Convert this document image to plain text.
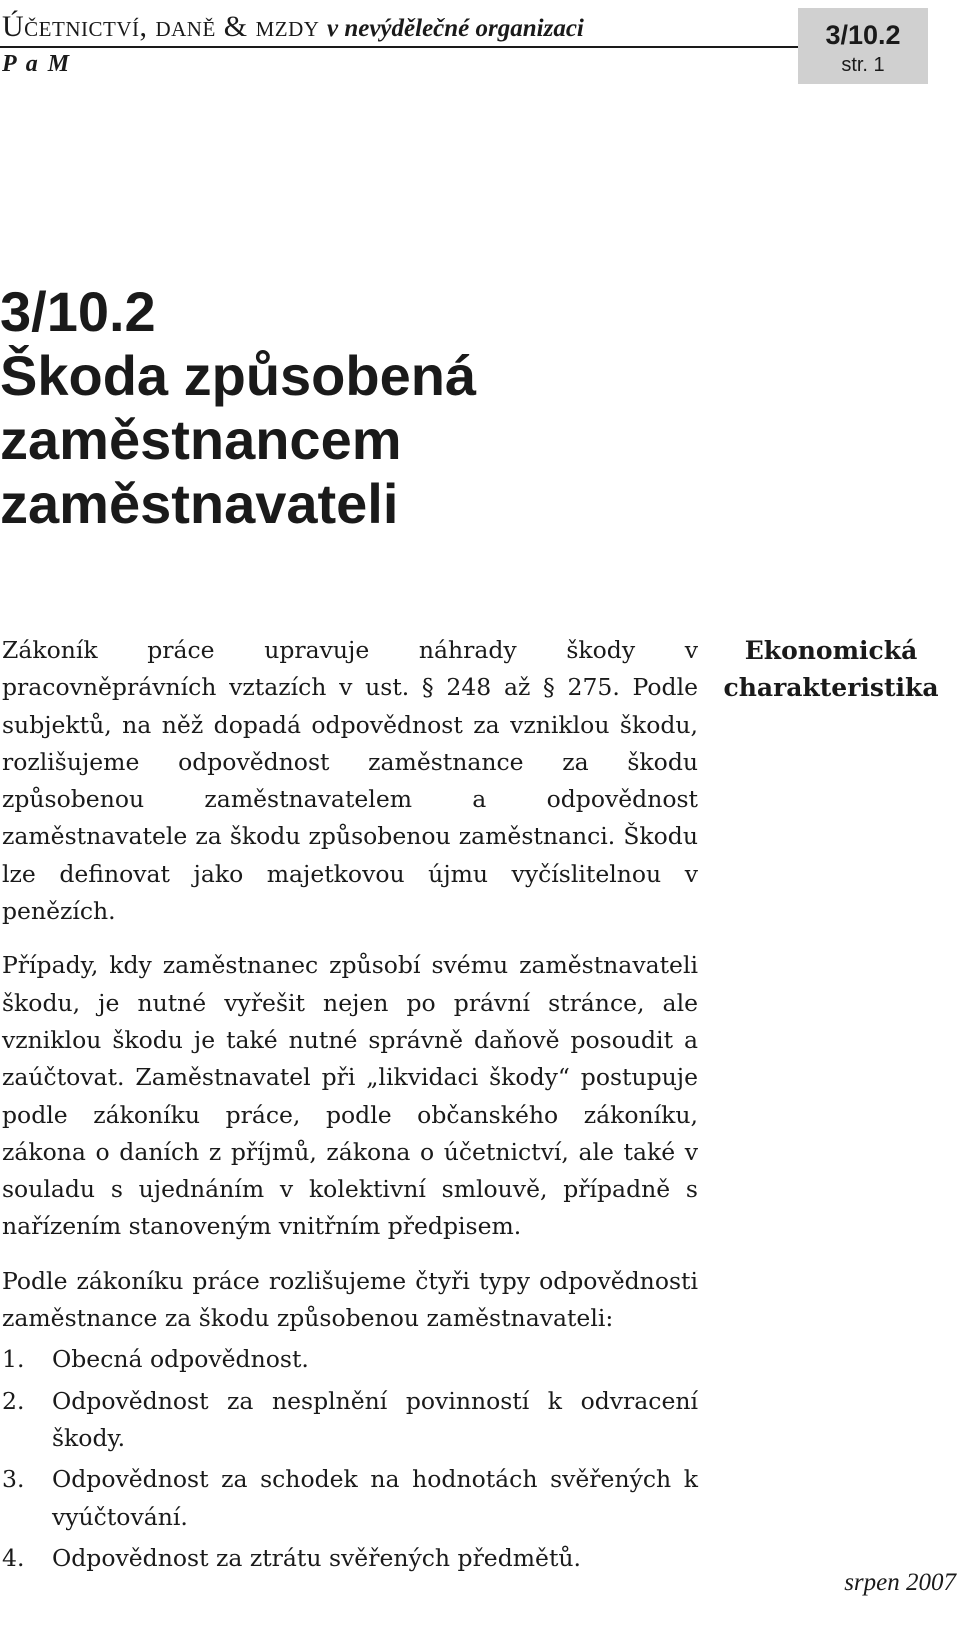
Účetnictví, daně & mzdy v nevýdělečné organizaci
P a M
3/10.2
str. 1
3/10.2
Škoda způsobená
zaměstnancem
zaměstnavateli
Ekonomická
charakteristika

Zákoník práce upravuje náhrady škody v pracovněprávních vztazích v ust. § 248 až § 275. Podle subjektů, na něž dopadá odpovědnost za vzniklou škodu, rozlišujeme odpovědnost zaměstnance za škodu způsobenou zaměstnavatelem a odpovědnost zaměstnavatele za škodu způsobenou zaměstnanci. Škodu lze definovat jako majetkovou újmu vyčíslitelnou v penězích.

Případy, kdy zaměstnanec způsobí svému zaměstnavateli škodu, je nutné vyřešit nejen po právní stránce, ale vzniklou škodu je také nutné správně daňově posoudit a zaúčtovat. Zaměstnavatel při „likvidaci škody“ postupuje podle zákoníku práce, podle občanského zákoníku, zákona o daních z příjmů, zákona o účetnictví, ale také v souladu s ujednáním v kolektivní smlouvě, případně s nařízením stanoveným vnitřním předpisem.

Podle zákoníku práce rozlišujeme čtyři typy odpovědnosti zaměstnance za škodu způsobenou zaměstnavateli:

1.	Obecná odpovědnost.
2.	Odpovědnost za nesplnění povinností k odvracení škody.
3.	Odpovědnost za schodek na hodnotách svěřených k vyúčtování.
4.	Odpovědnost za ztrátu svěřených předmětů.
srpen 2007
